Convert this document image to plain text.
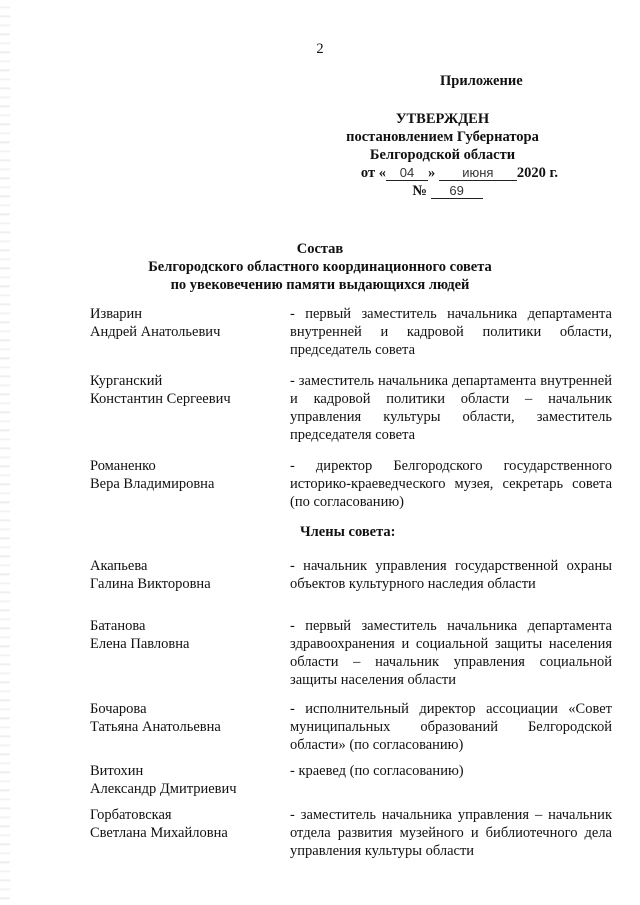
2
Приложение
УТВЕРЖДЕН
постановлением Губернатора
Белгородской области
от « 04 » июня 2020 г.
№ 69
Состав
Белгородского областного координационного совета
по увековечению памяти выдающихся людей
Изварин
Андрей Анатольевич
- первый заместитель начальника департамента внутренней и кадровой политики области, председатель совета
Курганский
Константин Сергеевич
- заместитель начальника департамента внутренней и кадровой политики области – начальник управления культуры области, заместитель председателя совета
Романенко
Вера Владимировна
- директор Белгородского государственного историко-краеведческого музея, секретарь совета (по согласованию)
Члены совета:
Акапьева
Галина Викторовна
- начальник управления государственной охраны объектов культурного наследия области
Батанова
Елена Павловна
- первый заместитель начальника департамента здравоохранения и социальной защиты населения области – начальник управления социальной защиты населения области
Бочарова
Татьяна Анатольевна
- исполнительный директор ассоциации «Совет муниципальных образований Белгородской области» (по согласованию)
Витохин
Александр Дмитриевич
- краевед (по согласованию)
Горбатовская
Светлана Михайловна
- заместитель начальника управления – начальник отдела развития музейного и библиотечного дела управления культуры области
